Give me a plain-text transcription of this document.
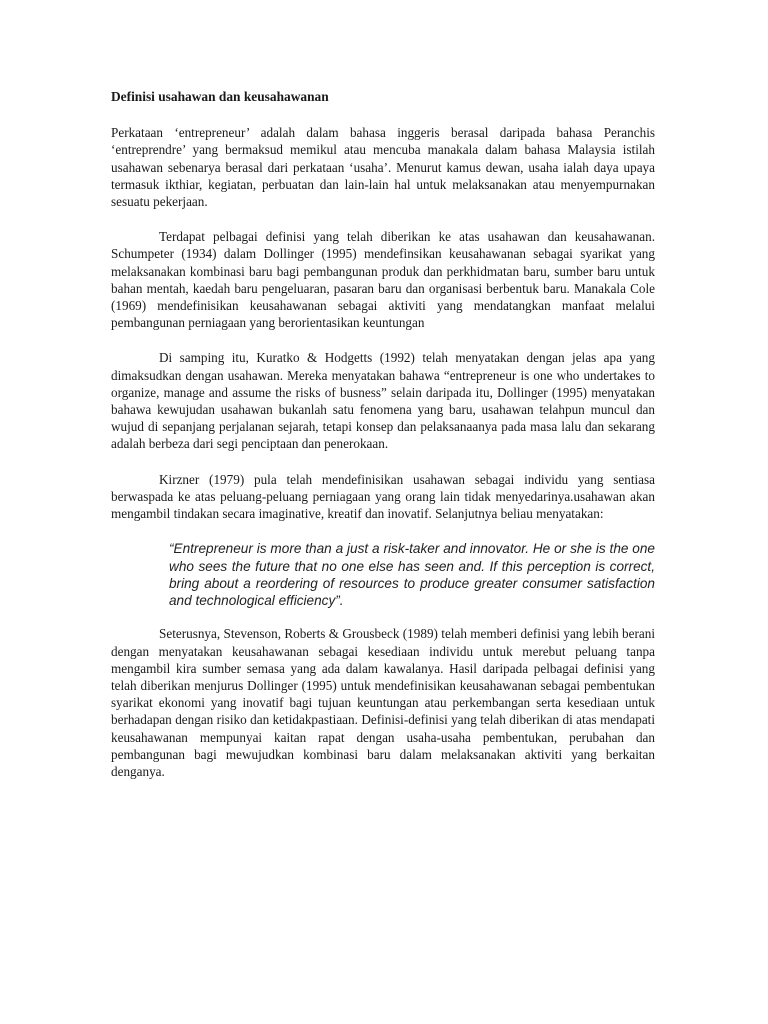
Definisi usahawan dan keusahawanan

Perkataan ‘entrepreneur’ adalah dalam bahasa inggeris berasal daripada bahasa Peranchis ‘entreprendre’ yang bermaksud memikul atau mencuba manakala dalam bahasa Malaysia istilah usahawan sebenarya berasal dari perkataan ‘usaha’. Menurut kamus dewan, usaha ialah daya upaya termasuk ikthiar, kegiatan, perbuatan dan lain-lain hal untuk melaksanakan atau menyempurnakan sesuatu pekerjaan.

Terdapat pelbagai definisi yang telah diberikan ke atas usahawan dan keusahawanan. Schumpeter (1934) dalam Dollinger (1995) mendefinsikan keusahawanan sebagai syarikat yang melaksanakan kombinasi baru bagi pembangunan produk dan perkhidmatan baru, sumber baru untuk bahan mentah, kaedah baru pengeluaran, pasaran baru dan organisasi berbentuk baru. Manakala Cole (1969) mendefinisikan keusahawanan sebagai aktiviti yang mendatangkan manfaat melalui pembangunan perniagaan yang berorientasikan keuntungan

Di samping itu, Kuratko & Hodgetts (1992) telah menyatakan dengan jelas apa yang dimaksudkan dengan usahawan. Mereka menyatakan bahawa “entrepreneur is one who undertakes to organize, manage and assume the risks of busness” selain daripada itu, Dollinger (1995) menyatakan bahawa kewujudan usahawan bukanlah satu fenomena yang baru, usahawan telahpun muncul dan wujud di sepanjang perjalanan sejarah, tetapi konsep dan pelaksanaanya pada masa lalu dan sekarang adalah berbeza dari segi penciptaan dan penerokaan.

Kirzner (1979) pula telah mendefinisikan usahawan sebagai individu yang sentiasa berwaspada ke atas peluang-peluang perniagaan yang orang lain tidak menyedarinya.usahawan akan mengambil tindakan secara imaginative, kreatif dan inovatif. Selanjutnya beliau menyatakan:

“Entrepreneur is more than a just a risk-taker and innovator. He or she is the one who sees the future that no one else has seen and. If this perception is correct, bring about a reordering of resources to produce greater consumer satisfaction and technological efficiency”.

Seterusnya, Stevenson, Roberts & Grousbeck (1989) telah memberi definisi yang lebih berani dengan menyatakan keusahawanan sebagai kesediaan individu untuk merebut peluang tanpa mengambil kira sumber semasa yang ada dalam kawalanya. Hasil daripada pelbagai definisi yang telah diberikan menjurus Dollinger (1995) untuk mendefinisikan keusahawanan sebagai pembentukan syarikat ekonomi yang inovatif bagi tujuan keuntungan atau perkembangan serta kesediaan untuk berhadapan dengan risiko dan ketidakpastiaan. Definisi-definisi yang telah diberikan di atas mendapati keusahawanan mempunyai kaitan rapat dengan usaha-usaha pembentukan, perubahan dan pembangunan bagi mewujudkan kombinasi baru dalam melaksanakan aktiviti yang berkaitan denganya.
